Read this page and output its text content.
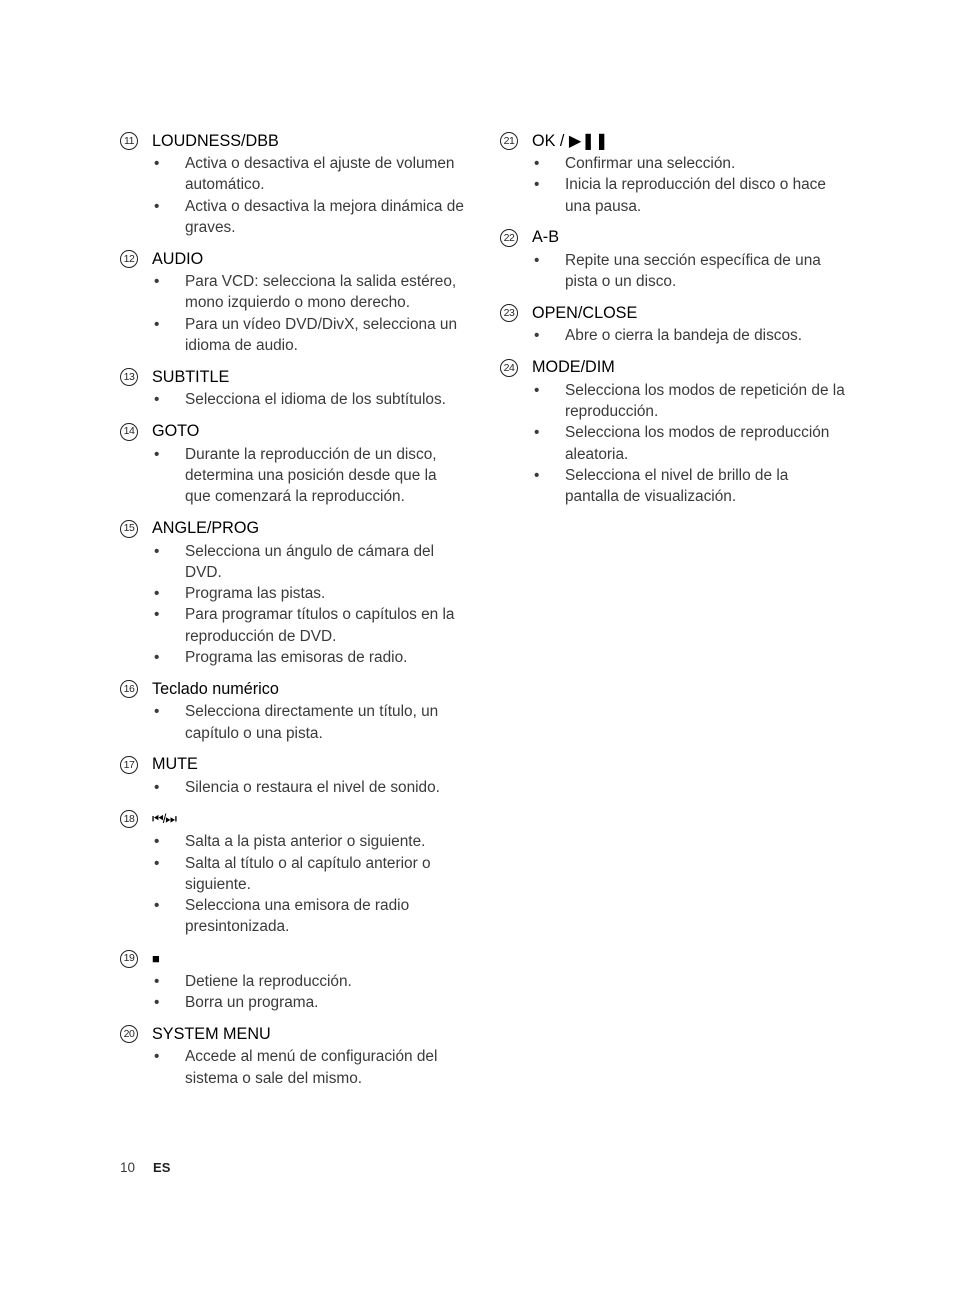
11 LOUDNESS/DBB
• Activa o desactiva el ajuste de volumen automático.
• Activa o desactiva la mejora dinámica de graves.
12 AUDIO
• Para VCD: selecciona la salida estéreo, mono izquierdo o mono derecho.
• Para un vídeo DVD/DivX, selecciona un idioma de audio.
13 SUBTITLE
• Selecciona el idioma de los subtítulos.
14 GOTO
• Durante la reproducción de un disco, determina una posición desde que la que comenzará la reproducción.
15 ANGLE/PROG
• Selecciona un ángulo de cámara del DVD.
• Programa las pistas.
• Para programar títulos o capítulos en la reproducción de DVD.
• Programa las emisoras de radio.
16 Teclado numérico
• Selecciona directamente un título, un capítulo o una pista.
17 MUTE
• Silencia o restaura el nivel de sonido.
18 ⏮/⏭
• Salta a la pista anterior o siguiente.
• Salta al título o al capítulo anterior o siguiente.
• Selecciona una emisora de radio presintonizada.
19 ■
• Detiene la reproducción.
• Borra un programa.
20 SYSTEM MENU
• Accede al menú de configuración del sistema o sale del mismo.
21 OK / ▶❚❚
• Confirmar una selección.
• Inicia la reproducción del disco o hace una pausa.
22 A-B
• Repite una sección específica de una pista o un disco.
23 OPEN/CLOSE
• Abre o cierra la bandeja de discos.
24 MODE/DIM
• Selecciona los modos de repetición de la reproducción.
• Selecciona los modos de reproducción aleatoria.
• Selecciona el nivel de brillo de la pantalla de visualización.
10 ES
